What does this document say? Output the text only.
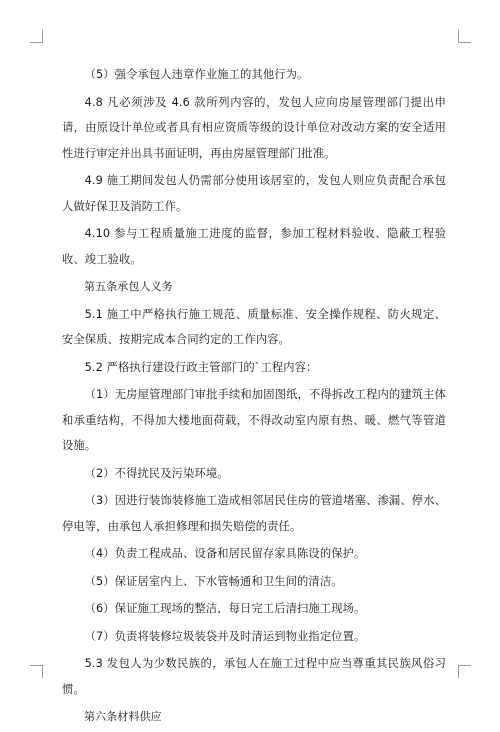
（5）强令承包人违章作业施工的其他行为。

4.8 凡必须涉及 4.6 款所列内容的，发包人应向房屋管理部门提出申请，由原设计单位或者具有相应资质等级的设计单位对改动方案的安全适用性进行审定并出具书面证明，再由房屋管理部门批准。

4.9 施工期间发包人仍需部分使用该居室的，发包人则应负责配合承包人做好保卫及消防工作。

4.10 参与工程质量施工进度的监督，参加工程材料验收、隐蔽工程验收、竣工验收。

第五条承包人义务

5.1 施工中严格执行施工规范、质量标准、安全操作规程、防火规定、安全保质、按期完成本合同约定的工作内容。

5.2 严格执行建设行政主管部门的`工程内容：

（1）无房屋管理部门审批手续和加固图纸，不得拆改工程内的建筑主体和承重结构，不得加大楼地面荷载，不得改动室内原有热、暖、燃气等管道设施。

（2）不得扰民及污染环境。

（3）因进行装饰装修施工造成相邻居民住房的管道堵塞、渗漏、停水、停电等，由承包人承担修理和损失赔偿的责任。

（4）负责工程成品、设备和居民留存家具陈设的保护。

（5）保证居室内上、下水管畅通和卫生间的清洁。

（6）保证施工现场的整洁，每日完工后清扫施工现场。

（7）负责将装修垃圾装袋并及时清运到物业指定位置。

5.3 发包人为少数民族的，承包人在施工过程中应当尊重其民族风俗习惯。

第六条材料供应
